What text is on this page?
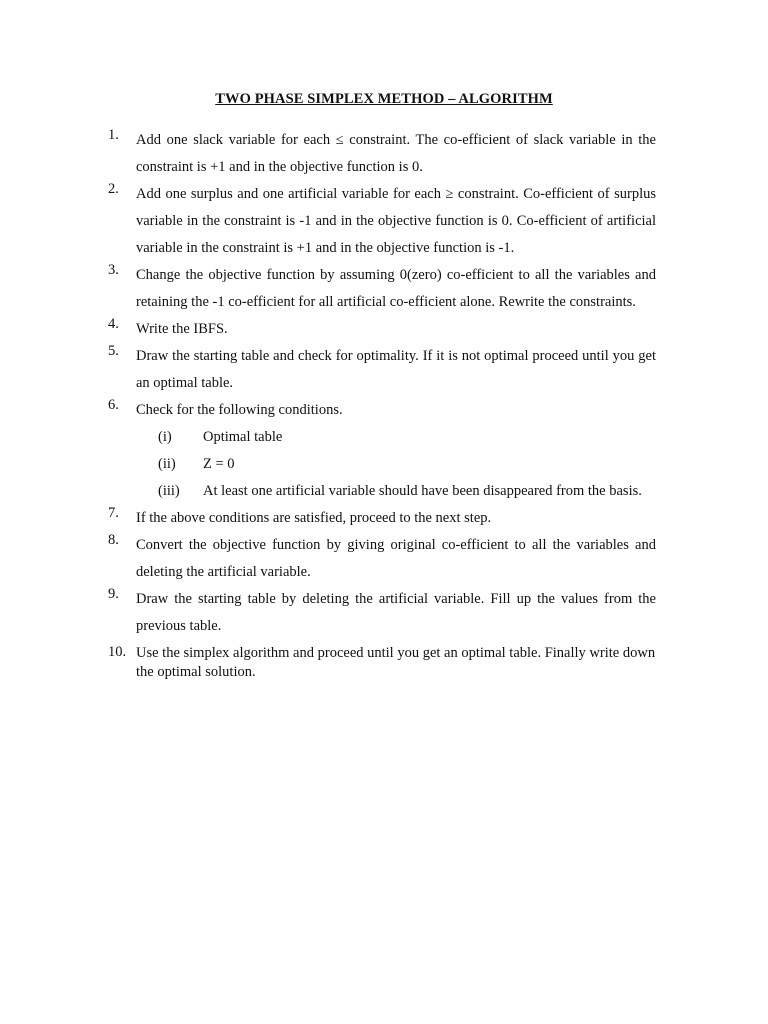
TWO PHASE SIMPLEX METHOD – ALGORITHM
1.	Add one slack variable for each ≤ constraint. The co-efficient of slack variable in the constraint is +1 and in the objective function is 0.
2.	Add one surplus and one artificial variable for each ≥ constraint. Co-efficient of surplus variable in the constraint is -1 and in the objective function is 0. Co-efficient of artificial variable in the constraint is +1 and in the objective function is -1.
3.	Change the objective function by assuming 0(zero) co-efficient to all the variables and retaining the -1 co-efficient for all artificial co-efficient alone. Rewrite the constraints.
4.	Write the IBFS.
5.	Draw the starting table and check for optimality. If it is not optimal proceed until you get an optimal table.
6.	Check for the following conditions.
(i) Optimal table
(ii) Z = 0
(iii) At least one artificial variable should have been disappeared from the basis.
7.	If the above conditions are satisfied, proceed to the next step.
8.	Convert the objective function by giving original co-efficient to all the variables and deleting the artificial variable.
9.	Draw the starting table by deleting the artificial variable. Fill up the values from the previous table.
10. Use the simplex algorithm and proceed until you get an optimal table. Finally write down the optimal solution.
